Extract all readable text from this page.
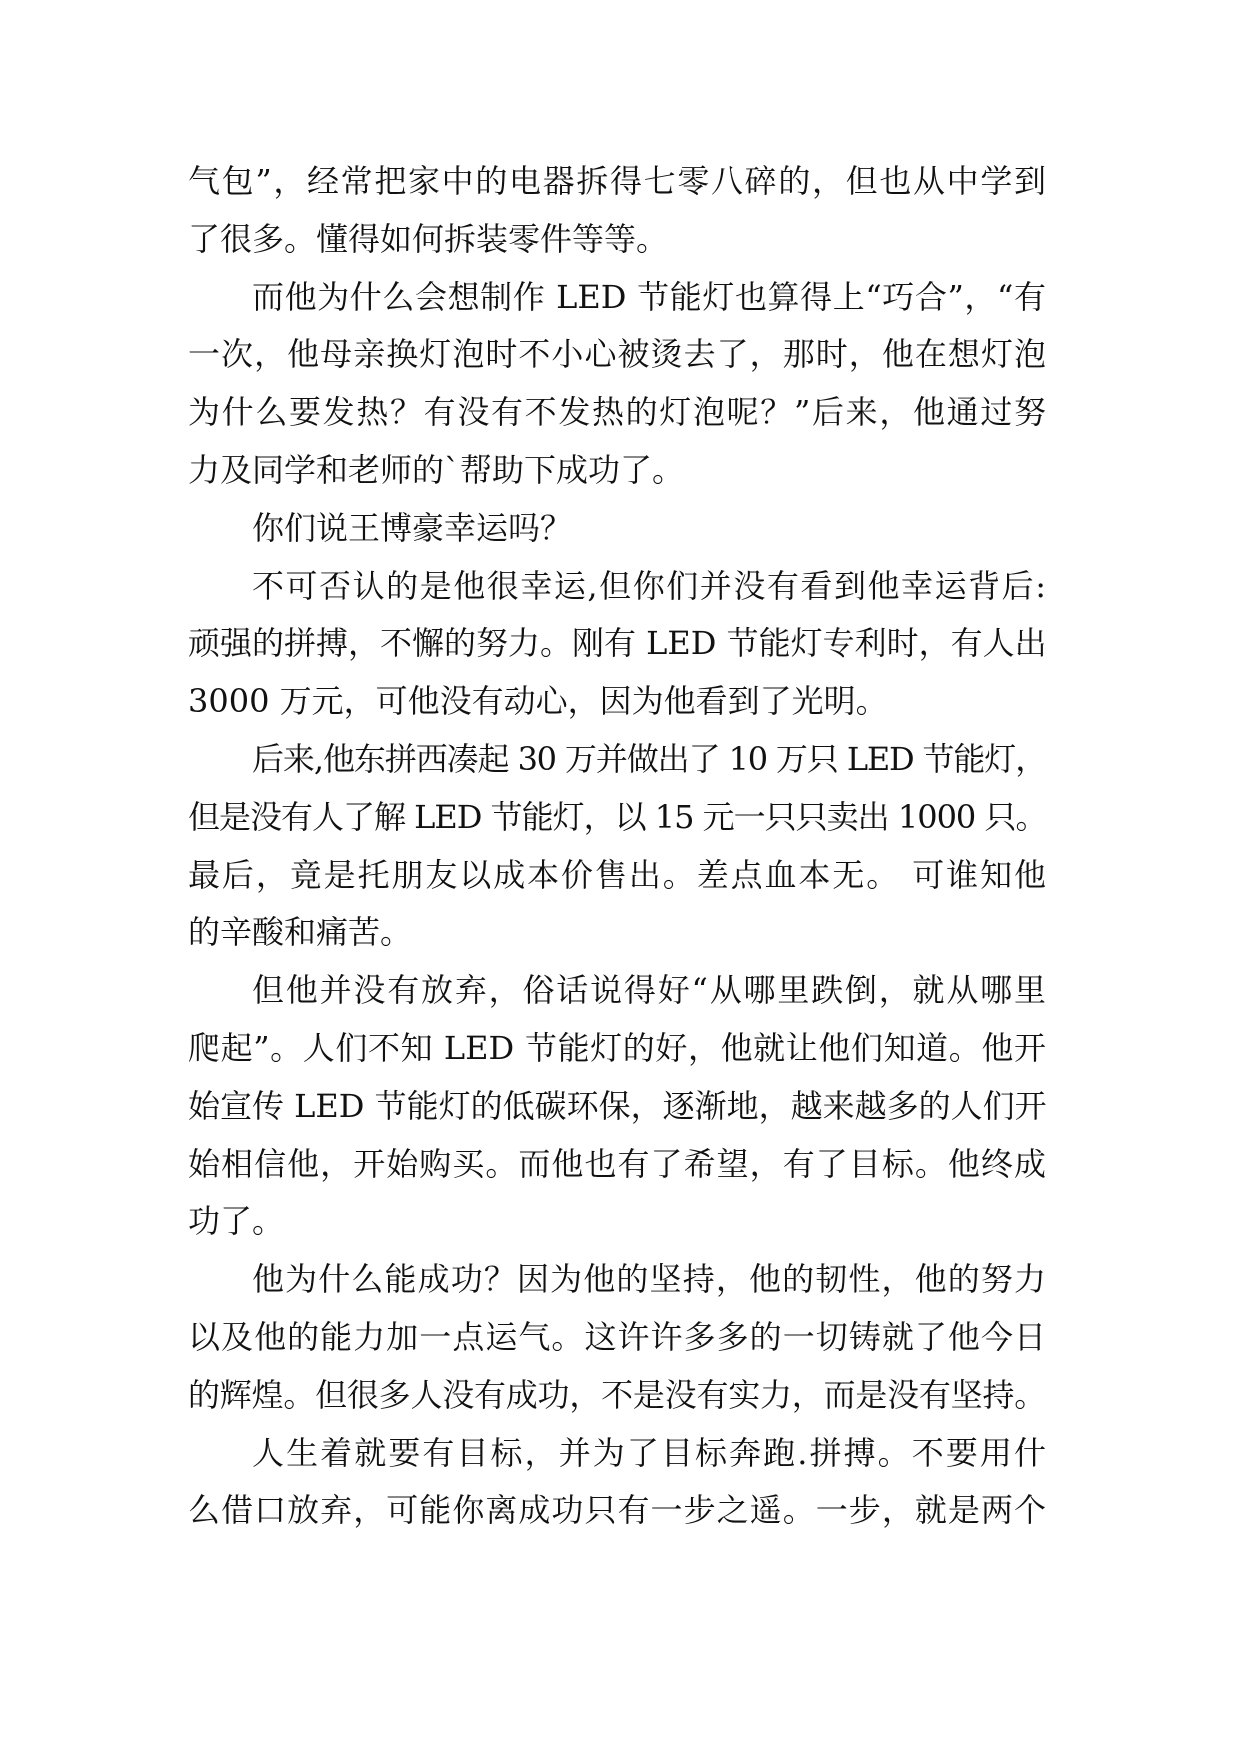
气包”，经常把家中的电器拆得七零八碎的，但也从中学到
了很多。懂得如何拆装零件等等。
而他为什么会想制作 LED 节能灯也算得上“巧合”，“有
一次，他母亲换灯泡时不小心被烫去了，那时，他在想灯泡
为什么要发热？有没有不发热的灯泡呢？”后来，他通过努
力及同学和老师的`帮助下成功了。
你们说王博豪幸运吗？
不可否认的是他很幸运,但你们并没有看到他幸运背后:
顽强的拼搏，不懈的努力。刚有 LED 节能灯专利时，有人出
3000 万元，可他没有动心，因为他看到了光明。
后来,他东拼西凑起 30 万并做出了 10 万只 LED 节能灯，
但是没有人了解 LED 节能灯，以 15 元一只只卖出 1000 只。
最后，竟是托朋友以成本价售出。差点血本无。 可谁知他
的辛酸和痛苦。
但他并没有放弃，俗话说得好“从哪里跌倒，就从哪里
爬起”。人们不知 LED 节能灯的好，他就让他们知道。他开
始宣传 LED 节能灯的低碳环保，逐渐地，越来越多的人们开
始相信他，开始购买。而他也有了希望，有了目标。他终成
功了。
他为什么能成功？因为他的坚持，他的韧性，他的努力
以及他的能力加一点运气。这许许多多的一切铸就了他今日
的辉煌。但很多人没有成功，不是没有实力，而是没有坚持。
人生着就要有目标，并为了目标奔跑.拼搏。不要用什
么借口放弃，可能你离成功只有一步之遥。一步，就是两个
